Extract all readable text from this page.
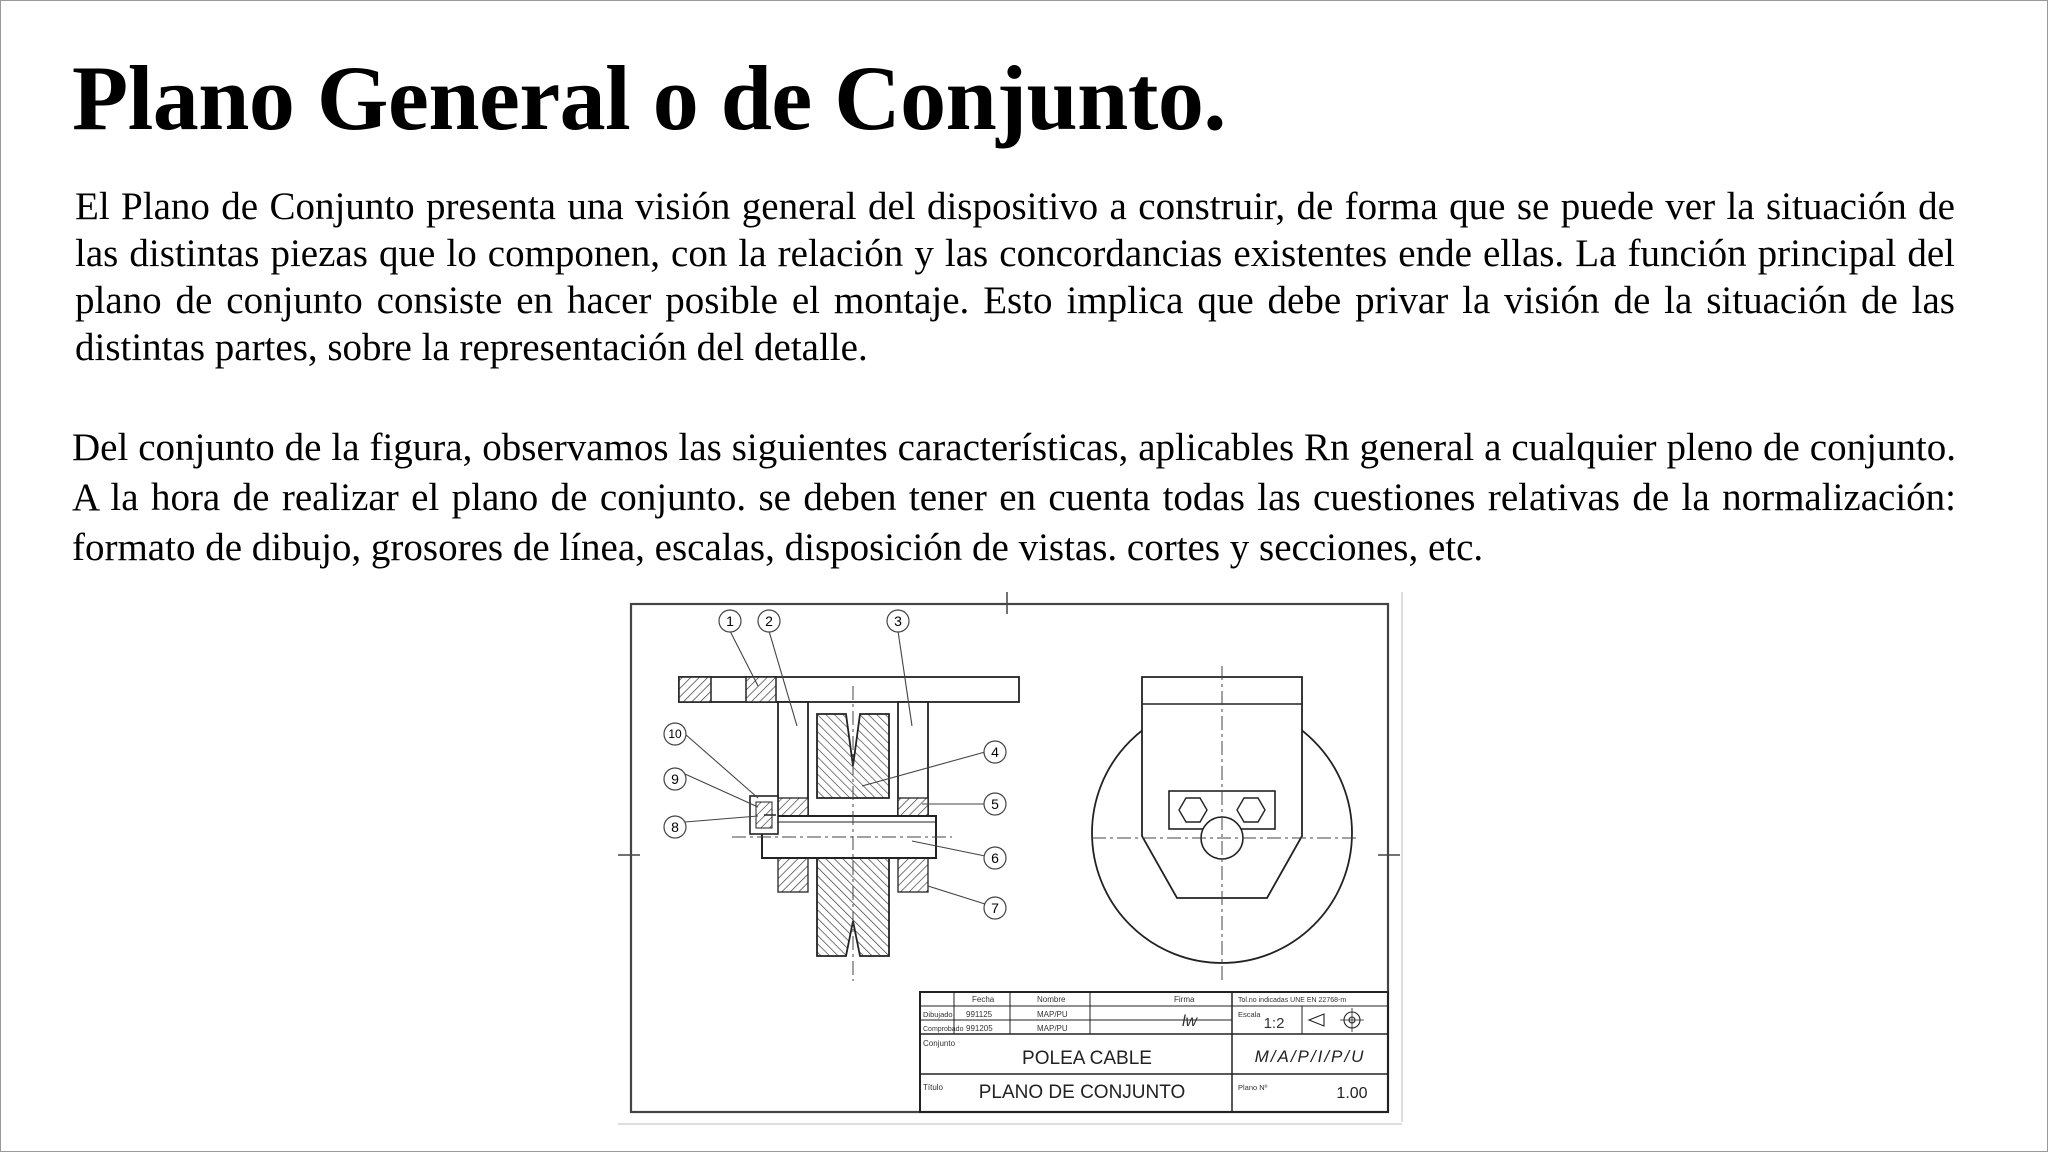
Plano General o de Conjunto.

El Plano de Conjunto presenta una visión general del dispositivo a construir, de forma que se puede ver la situación de las distintas piezas que lo componen, con la relación y las concordancias existentes ende ellas. La función principal del plano de conjunto consiste en hacer posible el montaje. Esto implica que debe privar la visión de la situación de las distintas partes, sobre la representación del detalle.

Del conjunto de la figura, observamos las siguientes características, aplicables Rn general a cualquier pleno de conjunto. A la hora de realizar el plano de conjunto. se deben tener en cuenta todas las cuestiones relativas de la normalización: formato de dibujo, grosores de línea, escalas, disposición de vistas. cortes y secciones, etc.

1 2	3
4
5
6
7
8
9
10
Fecha	Nombre	Firma	Tol.no indicadas UNE EN 22768-m
Dibujado 991125	MAP/PU
Comprobado 991205	MAP/PU	lw	Escala
1:2
Conjunto
POLEA CABLE	M/A/P/I/P/U
Título PLANO DE CONJUNTO	Plano Nº	1.00
